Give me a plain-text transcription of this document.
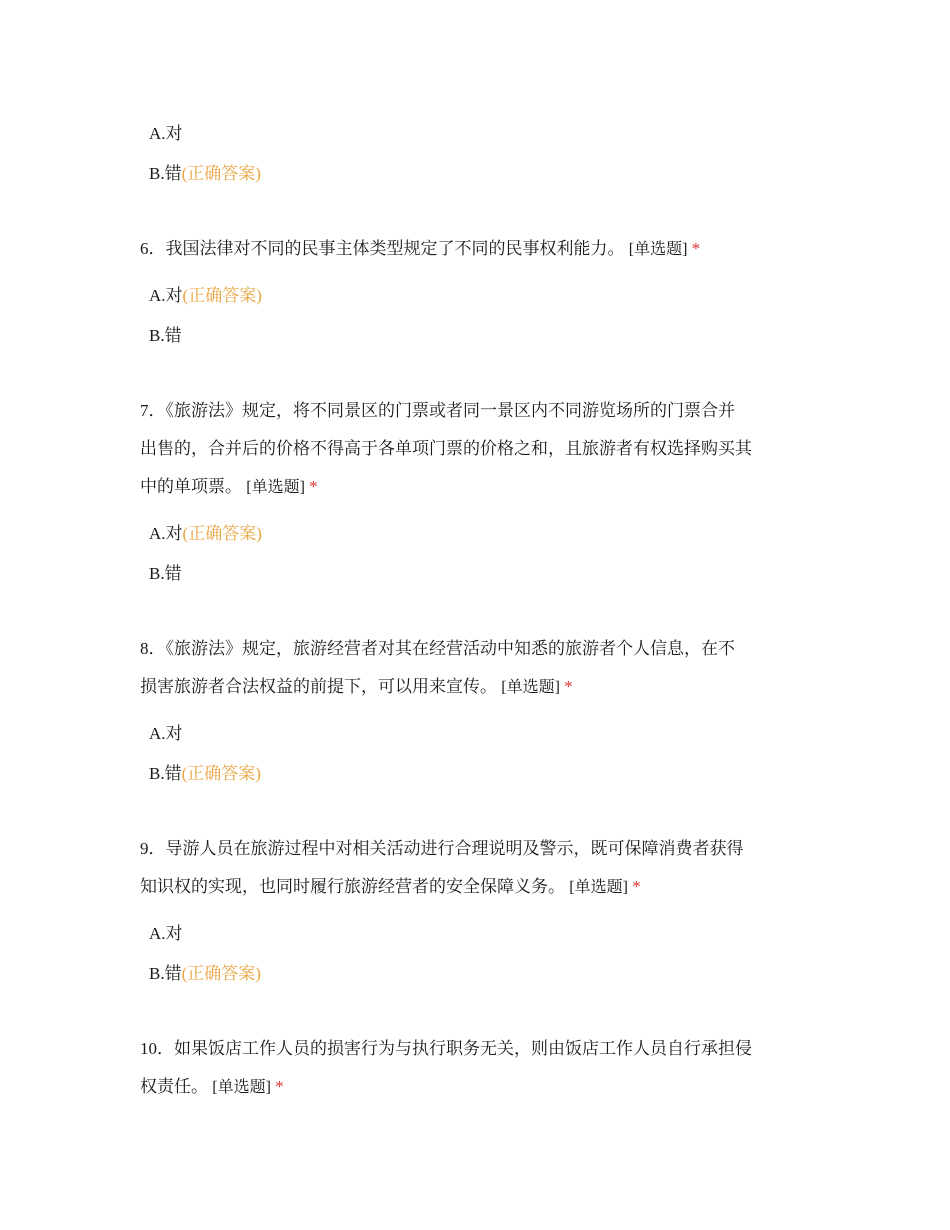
A.对
B.错(正确答案)
6．我国法律对不同的民事主体类型规定了不同的民事权利能力。 [单选题] *
A.对(正确答案)
B.错
7．《旅游法》规定，将不同景区的门票或者同一景区内不同游览场所的门票合并
出售的，合并后的价格不得高于各单项门票的价格之和，且旅游者有权选择购买其
中的单项票。 [单选题] *
A.对(正确答案)
B.错
8．《旅游法》规定，旅游经营者对其在经营活动中知悉的旅游者个人信息，在不
损害旅游者合法权益的前提下，可以用来宣传。 [单选题] *
A.对
B.错(正确答案)
9．导游人员在旅游过程中对相关活动进行合理说明及警示，既可保障消费者获得
知识权的实现，也同时履行旅游经营者的安全保障义务。 [单选题] *
A.对
B.错(正确答案)
10．如果饭店工作人员的损害行为与执行职务无关，则由饭店工作人员自行承担侵
权责任。 [单选题] *
